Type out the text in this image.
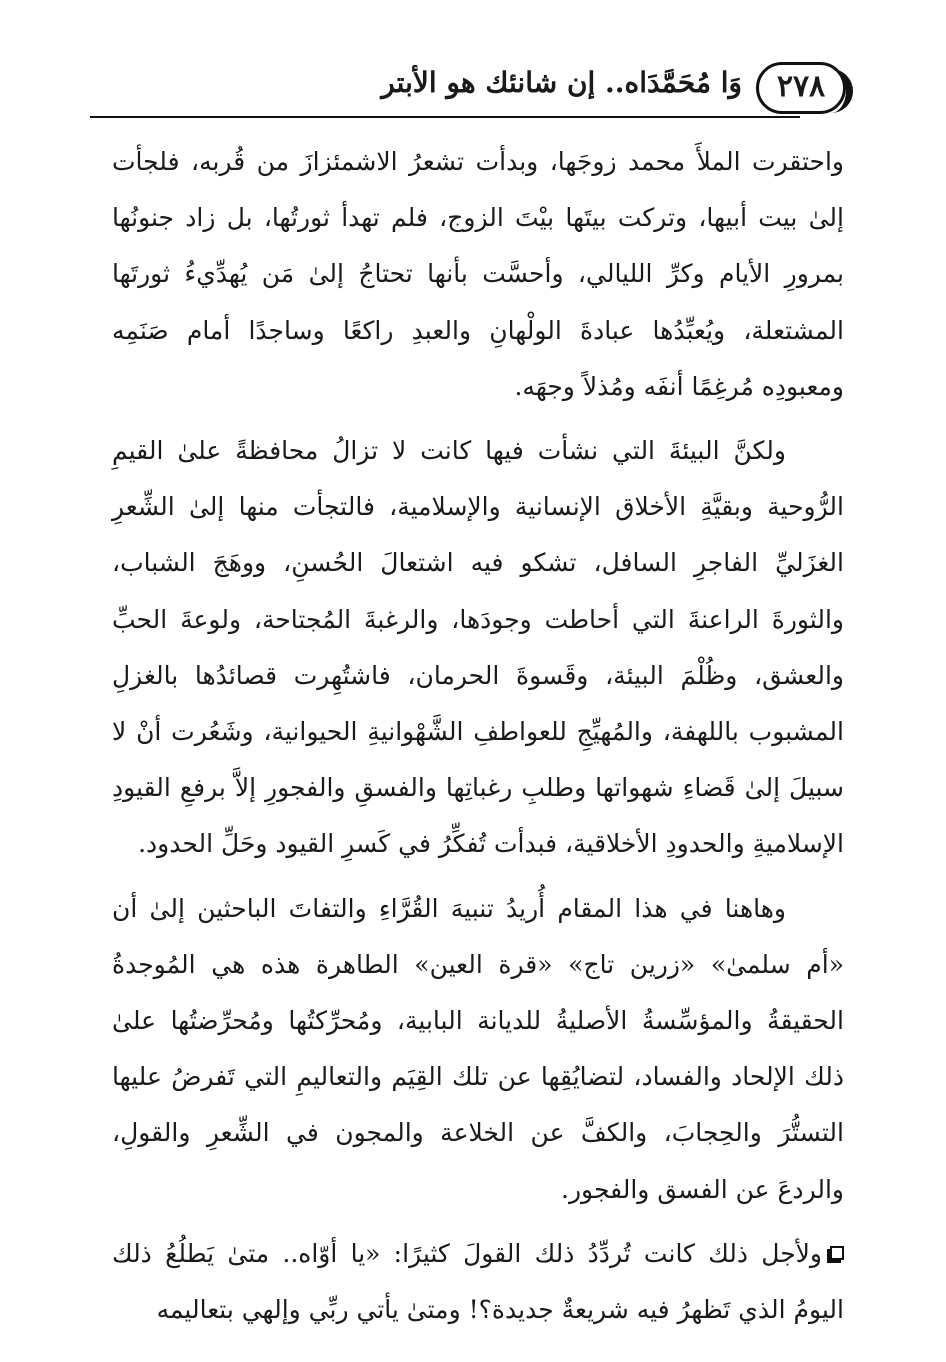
٢٧٨
وَا مُحَمَّدَاه.. إن شانئك هو الأبتر

واحتقرت الملأَ محمد زوجَها، وبدأت تشعرُ الاشمئزازَ من قُربه، فلجأت إلىٰ بيت أبيها، وتركت بيتَها بيْتَ الزوج، فلم تهدأ ثورتُها، بل زاد جنونُها بمرورِ الأيام وكرِّ الليالي، وأحسَّت بأنها تحتاجُ إلىٰ مَن يُهدِّيءُ ثورتَها المشتعلة، ويُعبِّدُها عبادةَ الولْهانِ والعبدِ راكعًا وساجدًا أمام صَنَمِه ومعبودِه مُرغِمًا أنفَه ومُذلاً وجهَه.

ولكنَّ البيئةَ التي نشأت فيها كانت لا تزالُ محافظةً علىٰ القيمِ الرُّوحية وبقيَّةِ الأخلاق الإنسانية والإسلامية، فالتجأت منها إلىٰ الشِّعرِ الغزَليِّ الفاجرِ السافل، تشكو فيه اشتعالَ الحُسنِ، ووهَجَ الشباب، والثورةَ الراعنةَ التي أحاطت وجودَها، والرغبةَ المُجتاحة، ولوعةَ الحبِّ والعشق، وظُلْمَ البيئة، وقَسوةَ الحرمان، فاشتُهِرت قصائدُها بالغزلِ المشبوب باللهفة، والمُهيِّجِ للعواطفِ الشَّهْوانيةِ الحيوانية، وشَعُرت أنْ لا سبيلَ إلىٰ قَضاءِ شهواتها وطلبِ رغباتِها والفسقِ والفجورِ إلاَّ برفعِ القيودِ الإسلاميةِ والحدودِ الأخلاقية، فبدأت تُفكِّرُ في كَسرِ القيود وحَلِّ الحدود.

وهاهنا في هذا المقام أُريدُ تنبيهَ القُرَّاءِ والتفاتَ الباحثين إلىٰ أن «أم سلمىٰ» «زرين تاج» «قرة العين» الطاهرة هذه هي المُوجدةُ الحقيقةُ والمؤسِّسةُ الأصليةُ للديانة البابية، ومُحرِّكتُها ومُحرِّضتُها علىٰ ذلك الإلحاد والفساد، لتضايُقِها عن تلك القِيَم والتعاليمِ التي تَفرضُ عليها التستُّرَ والحِجابَ، والكفَّ عن الخلاعة والمجون في الشِّعرِ والقولِ، والردعَ عن الفسق والفجور.

ولأجل ذلك كانت تُردِّدُ ذلك القولَ كثيرًا: «يا أوّاه.. متىٰ يَطلُعُ ذلك اليومُ الذي تَظهرُ فيه شريعةٌ جديدة؟! ومتىٰ يأتي ربِّي وإلهي بتعاليمه
